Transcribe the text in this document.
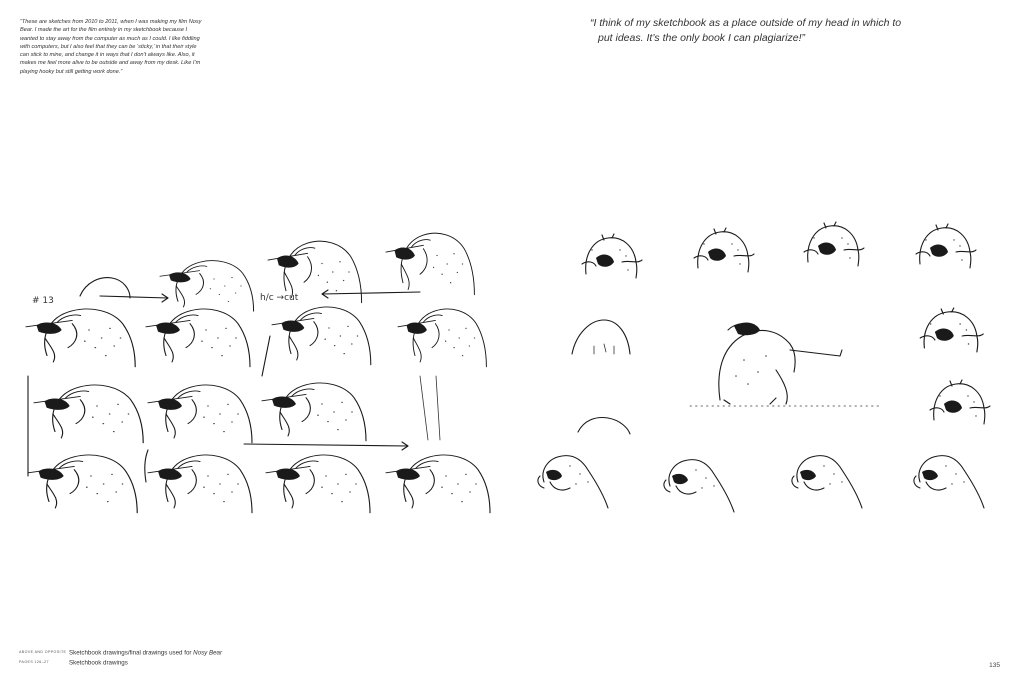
“These are sketches from 2010 to 2011, when I was making my film Nosy Bear. I made the art for the film entirely in my sketchbook because I wanted to stay away from the computer as much as I could. I like fiddling with computers, but I also feel that they can be ‘sticky,’ in that their style can stick to mine, and change it in ways that I don’t always like. Also, it makes me feel more alive to be outside and away from my desk. Like I’m playing hooky but still getting work done.”
“I think of my sketchbook as a place outside of my head in which to
put ideas. It’s the only book I can plagiarize!”
# 13	h/c →cut
ABOVE AND OPPOSITE Sketchbook drawings/final drawings used for Nosy Bear
PAGES 126–27	Sketchbook drawings	135
